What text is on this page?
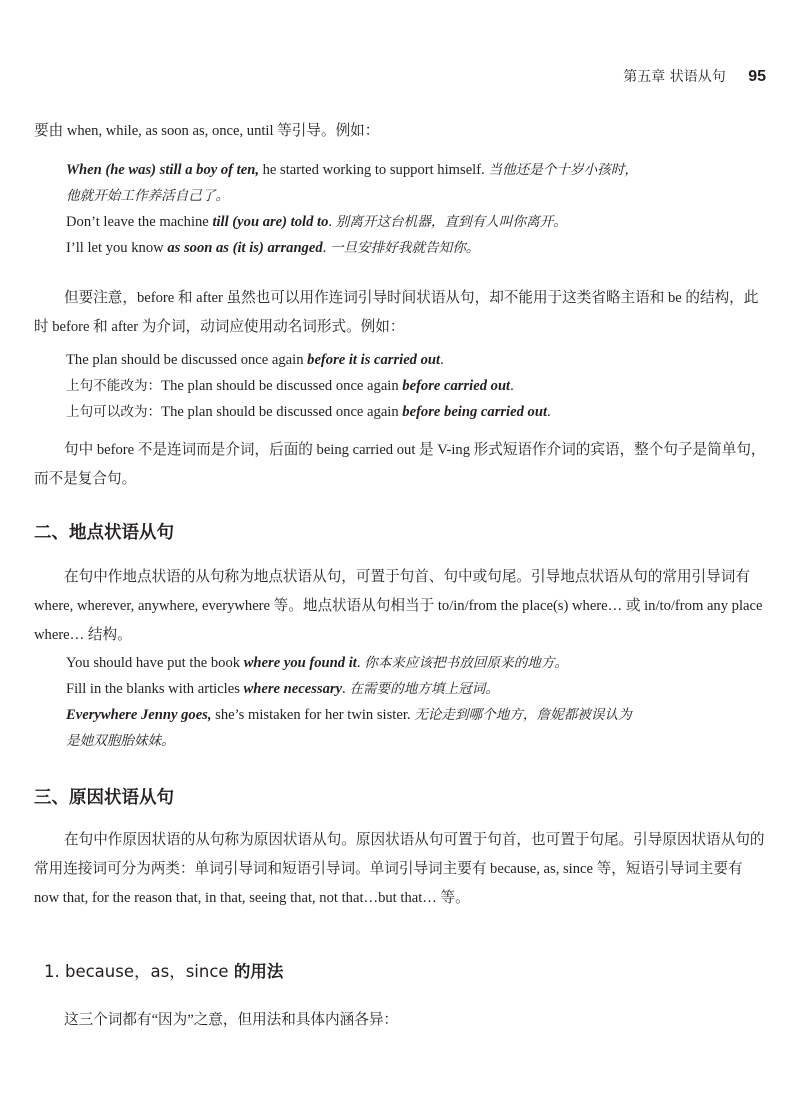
第五章 状语从句 95

要由 when, while, as soon as, once, until 等引导。例如：

When (he was) still a boy of ten, he started working to support himself. 当他还是个十岁小孩时，

他就开始工作养活自己了。

Don’t leave the machine till (you are) told to. 别离开这台机器，直到有人叫你离开。

I’ll let you know as soon as (it is) arranged. 一旦安排好我就告知你。

但要注意，before 和 after 虽然也可以用作连词引导时间状语从句，却不能用于这类省略主语和 be 的结构，此时 before 和 after 为介词，动词应使用动名词形式。例如：

The plan should be discussed once again before it is carried out.

上句不能改为：The plan should be discussed once again before carried out.

上句可以改为：The plan should be discussed once again before being carried out.

句中 before 不是连词而是介词，后面的 being carried out 是 V-ing 形式短语作介词的宾语，整个句子是简单句，而不是复合句。

二、地点状语从句

在句中作地点状语的从句称为地点状语从句，可置于句首、句中或句尾。引导地点状语从句的常用引导词有 where, wherever, anywhere, everywhere 等。地点状语从句相当于 to/in/from the place(s) where… 或 in/to/from any place where… 结构。

You should have put the book where you found it. 你本来应该把书放回原来的地方。

Fill in the blanks with articles where necessary. 在需要的地方填上冠词。

Everywhere Jenny goes, she’s mistaken for her twin sister. 无论走到哪个地方，詹妮都被误认为

是她双胞胎妹妹。

三、原因状语从句

在句中作原因状语的从句称为原因状语从句。原因状语从句可置于句首，也可置于句尾。引导原因状语从句的常用连接词可分为两类：单词引导词和短语引导词。单词引导词主要有 because, as, since 等，短语引导词主要有 now that, for the reason that, in that, seeing that, not that…but that… 等。

1. because，as，since 的用法

这三个词都有“因为”之意，但用法和具体内涵各异：
